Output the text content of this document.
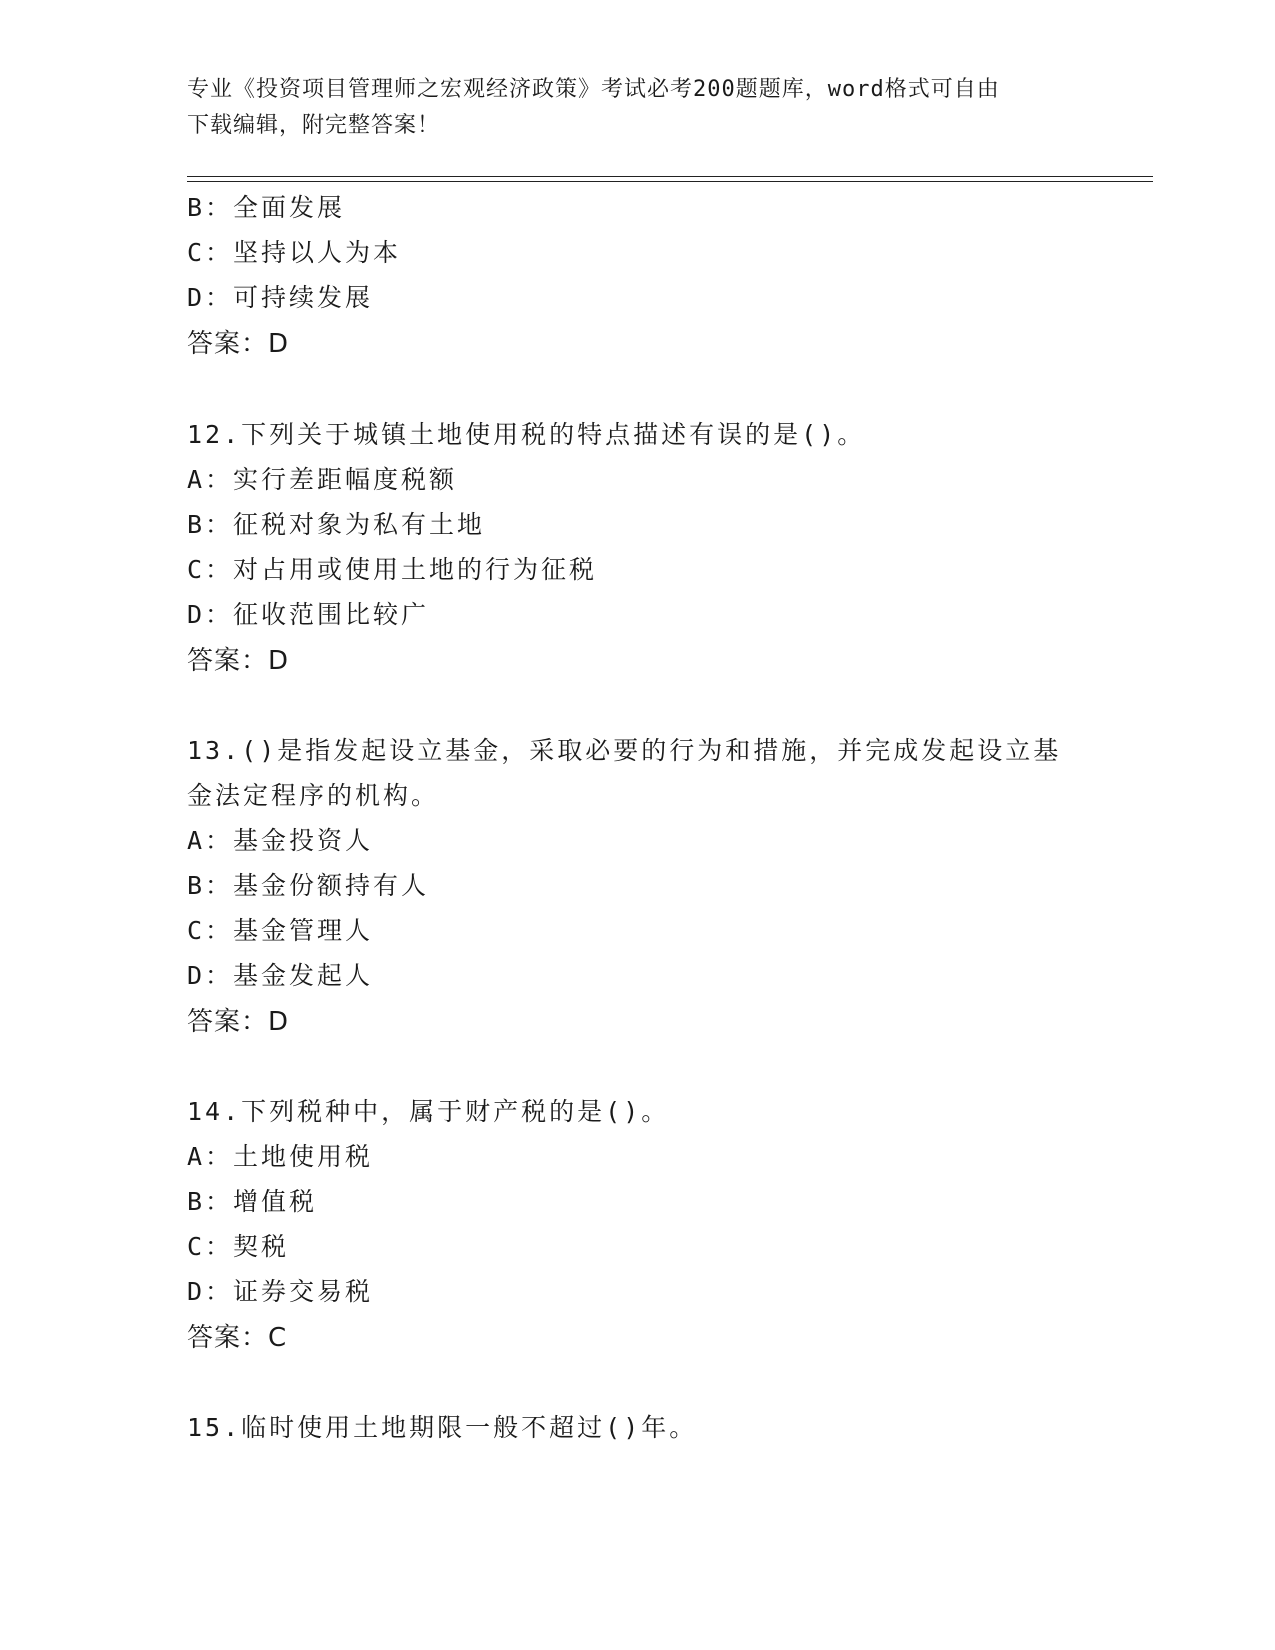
专业《投资项目管理师之宏观经济政策》考试必考200题题库，word格式可自由
下载编辑，附完整答案！
B：全面发展
C：坚持以人为本
D：可持续发展
答案：D
12.下列关于城镇土地使用税的特点描述有误的是()。
A：实行差距幅度税额
B：征税对象为私有土地
C：对占用或使用土地的行为征税
D：征收范围比较广
答案：D
13.()是指发起设立基金，采取必要的行为和措施，并完成发起设立基
金法定程序的机构。
A：基金投资人
B：基金份额持有人
C：基金管理人
D：基金发起人
答案：D
14.下列税种中，属于财产税的是()。
A：土地使用税
B：增值税
C：契税
D：证券交易税
答案：C
15.临时使用土地期限一般不超过()年。
